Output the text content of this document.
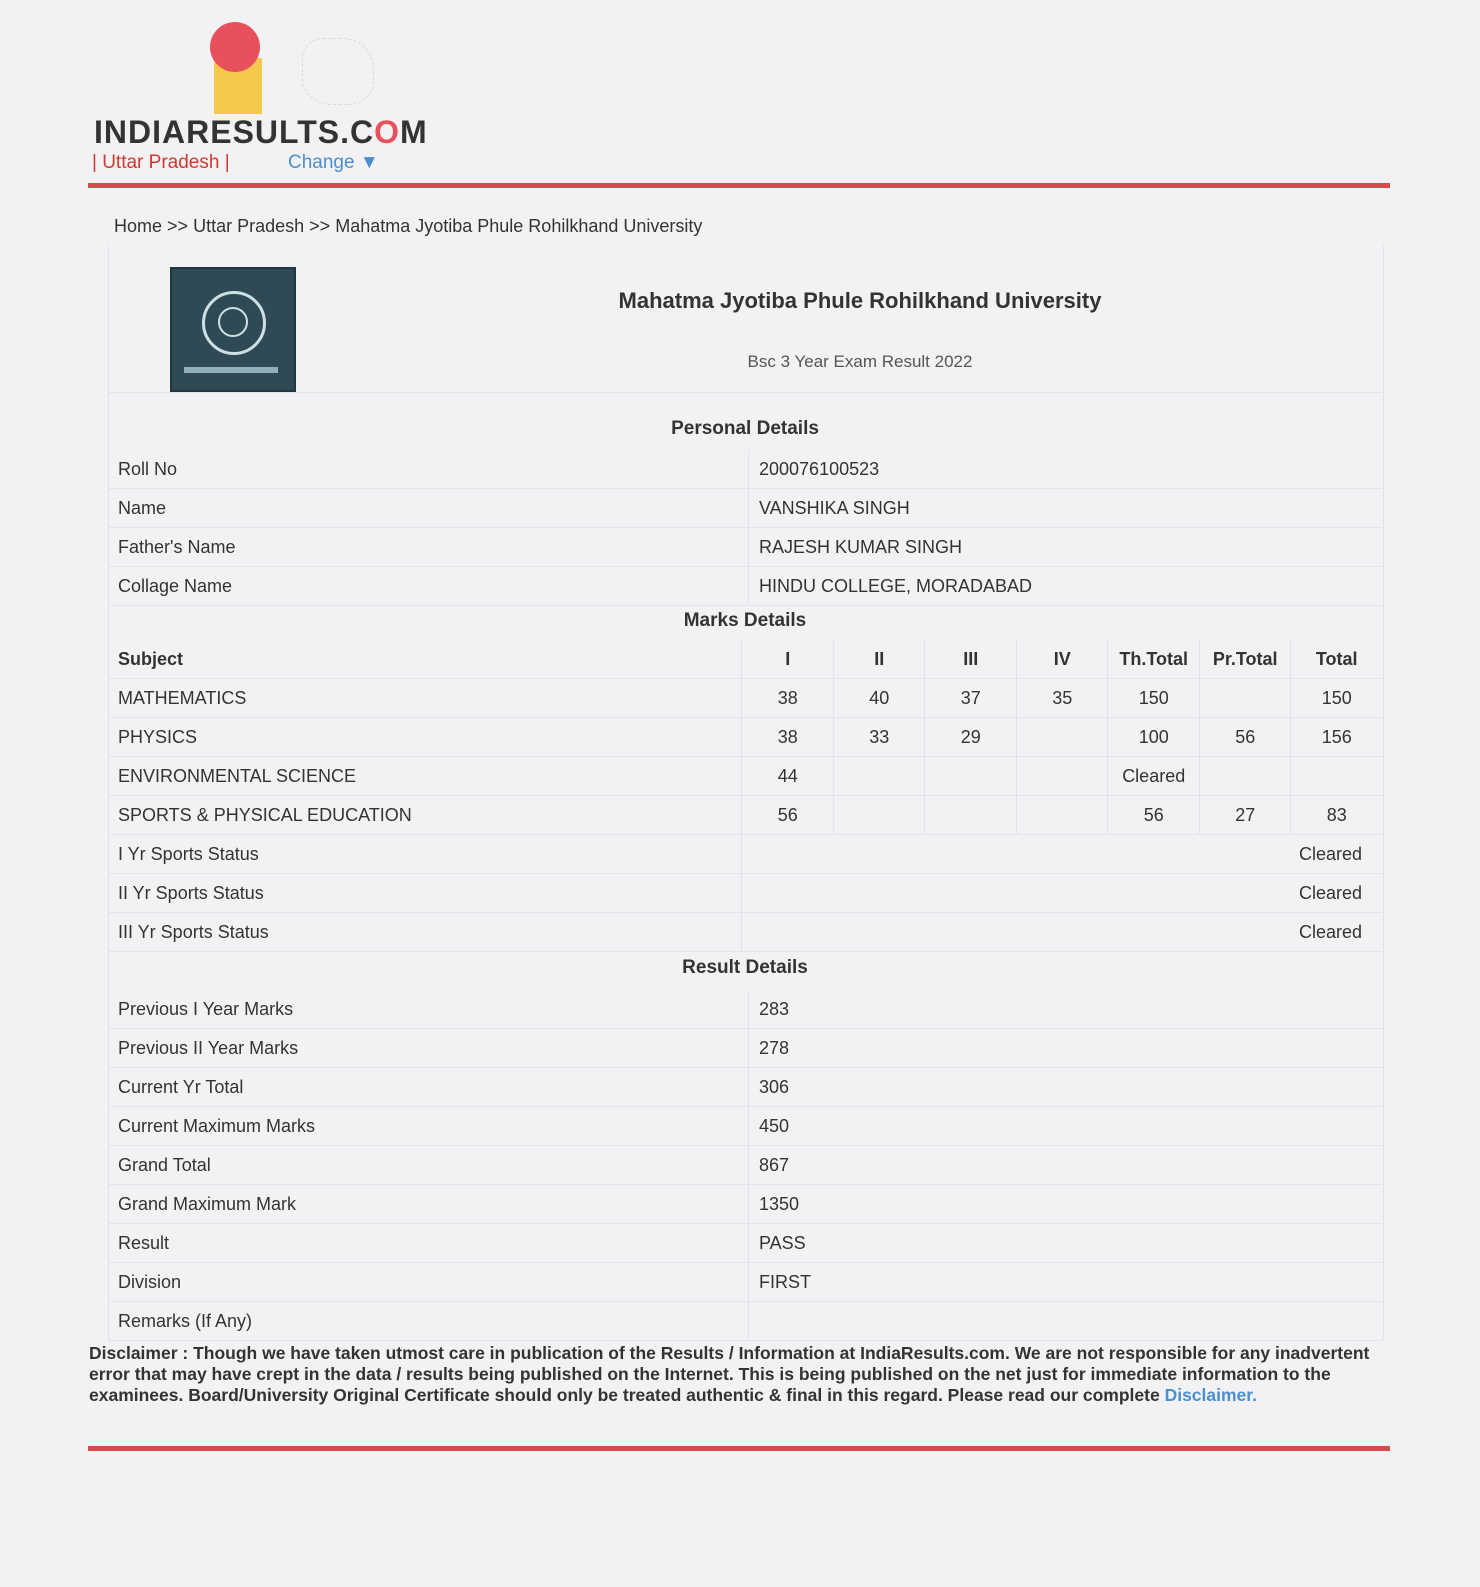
INDIARESULTS.COM
| Uttar Pradesh |	Change ▼
Home >> Uttar Pradesh >> Mahatma Jyotiba Phule Rohilkhand University
Mahatma Jyotiba Phule Rohilkhand University
Bsc 3 Year Exam Result 2022
Personal Details
Roll No	200076100523
Name	VANSHIKA SINGH
Father's Name	RAJESH KUMAR SINGH
Collage Name	HINDU COLLEGE, MORADABAD
Marks Details
Subject	I	II	III	IV	Th.Total	Pr.Total	Total
MATHEMATICS	38	40	37	35	150		150
PHYSICS	38	33	29		100	56	156
ENVIRONMENTAL SCIENCE	44				Cleared		
SPORTS & PHYSICAL EDUCATION	56				56	27	83
I Yr Sports Status	Cleared						
II Yr Sports Status	Cleared						
III Yr Sports Status	Cleared						
Result Details
Previous I Year Marks	283
Previous II Year Marks	278
Current Yr Total	306
Current Maximum Marks	450
Grand Total	867
Grand Maximum Mark	1350
Result	PASS
Division	FIRST
Remarks (If Any)	
Disclaimer : Though we have taken utmost care in publication of the Results / Information at IndiaResults.com. We are not responsible for any inadvertent error that may have crept in the data / results being published on the Internet. This is being published on the net just for immediate information to the examinees. Board/University Original Certificate should only be treated authentic & final in this regard. Please read our complete Disclaimer.
